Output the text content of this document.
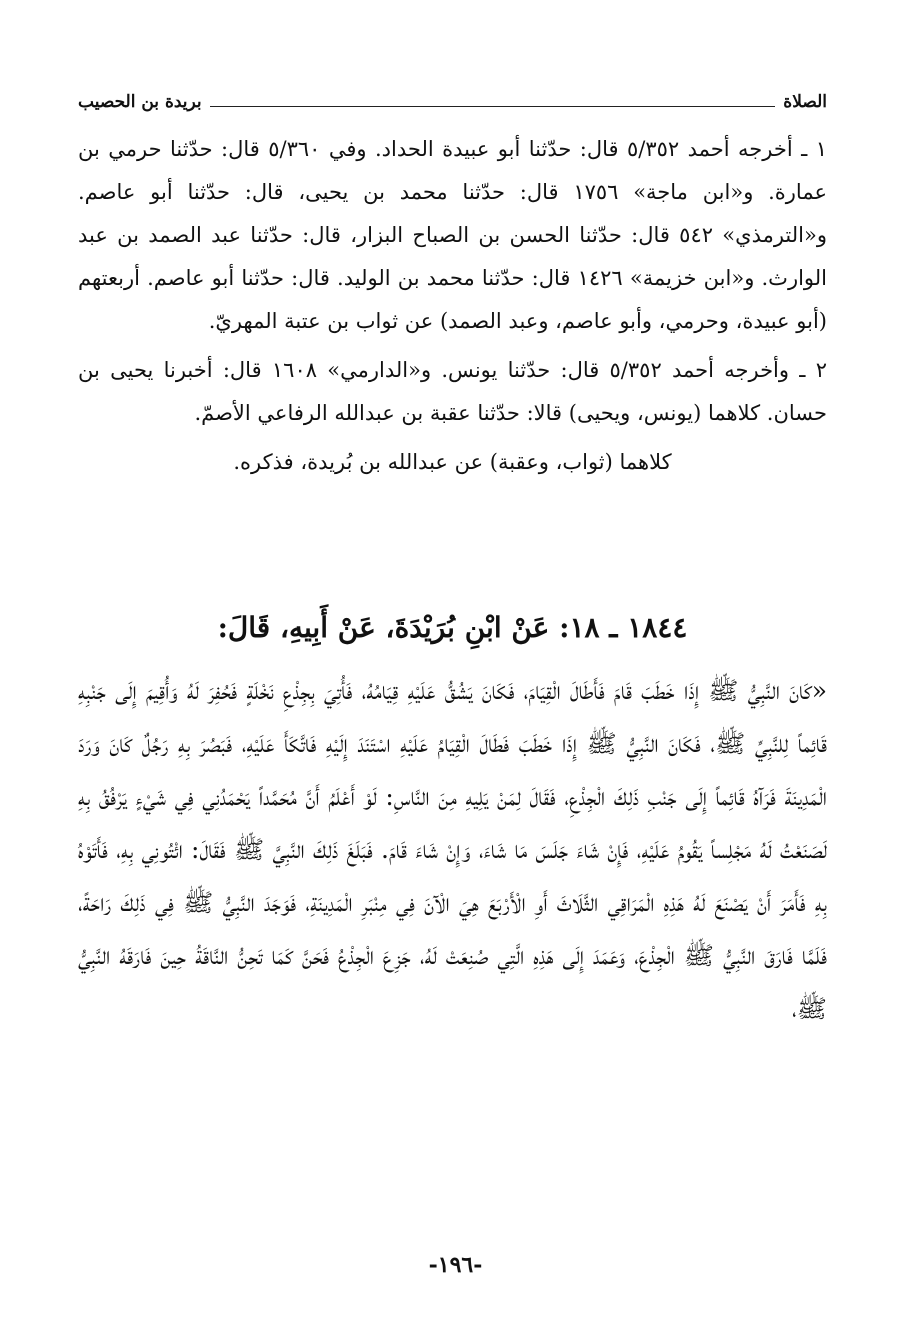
الصلاة
بريدة بن الحصيب

١ ـ أخرجه أحمد ٥/٣٥٢ قال: حدّثنا أبو عبيدة الحداد. وفي ٥/٣٦٠ قال: حدّثنا حرمي بن عمارة. و«ابن ماجة» ١٧٥٦ قال: حدّثنا محمد بن يحيى، قال: حدّثنا أبو عاصم. و«الترمذي» ٥٤٢ قال: حدّثنا الحسن بن الصباح البزار، قال: حدّثنا عبد الصمد بن عبد الوارث. و«ابن خزيمة» ١٤٢٦ قال: حدّثنا محمد بن الوليد. قال: حدّثنا أبو عاصم. أربعتهم (أبو عبيدة، وحرمي، وأبو عاصم، وعبد الصمد) عن ثواب بن عتبة المهريّ.

٢ ـ وأخرجه أحمد ٥/٣٥٢ قال: حدّثنا يونس. و«الدارمي» ١٦٠٨ قال: أخبرنا يحيى بن حسان. كلاهما (يونس، ويحيى) قالا: حدّثنا عقبة بن عبدالله الرفاعي الأصمّ.

كلاهما (ثواب، وعقبة) عن عبدالله بن بُريدة، فذكره.

١٨٤٤ ـ ١٨: عَنْ ابْنِ بُرَيْدَةَ، عَنْ أَبِيهِ، قَالَ:

«كَانَ النَّبِيُّ ﷺ إِذَا خَطَبَ قَامَ فَأَطَالَ الْقِيَامَ، فَكَانَ يَشُقُّ عَلَيْهِ قِيَامُهُ، فَأُتِيَ بِجِذْعِ نَخْلَةٍ فَحُفِرَ لَهُ وَأُقِيمَ إِلَى جَنْبِهِ قَائِماً لِلنَّبِيِّ ﷺ، فَكَانَ النَّبِيُّ ﷺ إِذَا خَطَبَ فَطَالَ الْقِيَامُ عَلَيْهِ اسْتَنَدَ إِلَيْهِ فَاتَّكَأَ عَلَيْهِ، فَبَصُرَ بِهِ رَجُلٌ كَانَ وَرَدَ الْمَدِينَةَ فَرَآهُ قَائِماً إِلَى جَنْبِ ذَلِكَ الْجِذْعِ، فَقَالَ لِمَنْ يَلِيهِ مِنَ النَّاسِ: لَوْ أَعْلَمُ أَنَّ مُحَمَّداً يَحْمَدُنِي فِي شَيْءٍ يَرْفُقُ بِهِ لَصَنَعْتُ لَهُ مَجْلِساً يَقُومُ عَلَيْهِ، فَإِنْ شَاءَ جَلَسَ مَا شَاءَ، وَإِنْ شَاءَ قَامَ. فَبَلَغَ ذَلِكَ النَّبِيَّ ﷺ فَقَالَ: ائْتُونِي بِهِ، فَأَتَوْهُ بِهِ فَأَمَرَ أَنْ يَصْنَعَ لَهُ هَذِهِ الْمَرَاقِي الثَّلَاثَ أَوِ الْأَرْبَعَ هِيَ الْآنَ فِي مِنْبَرِ الْمَدِينَةِ، فَوَجَدَ النَّبِيُّ ﷺ فِي ذَلِكَ رَاحَةً، فَلَمَّا فَارَقَ النَّبِيُّ ﷺ الْجِذْعَ، وَعَمَدَ إِلَى هَذِهِ الَّتِي صُنِعَتْ لَهُ، جَزِعَ الْجِذْعُ فَحَنَّ كَمَا تَحِنُّ النَّاقَةُ حِينَ فَارَقَهُ النَّبِيُّ ﷺ،

-١٩٦-
